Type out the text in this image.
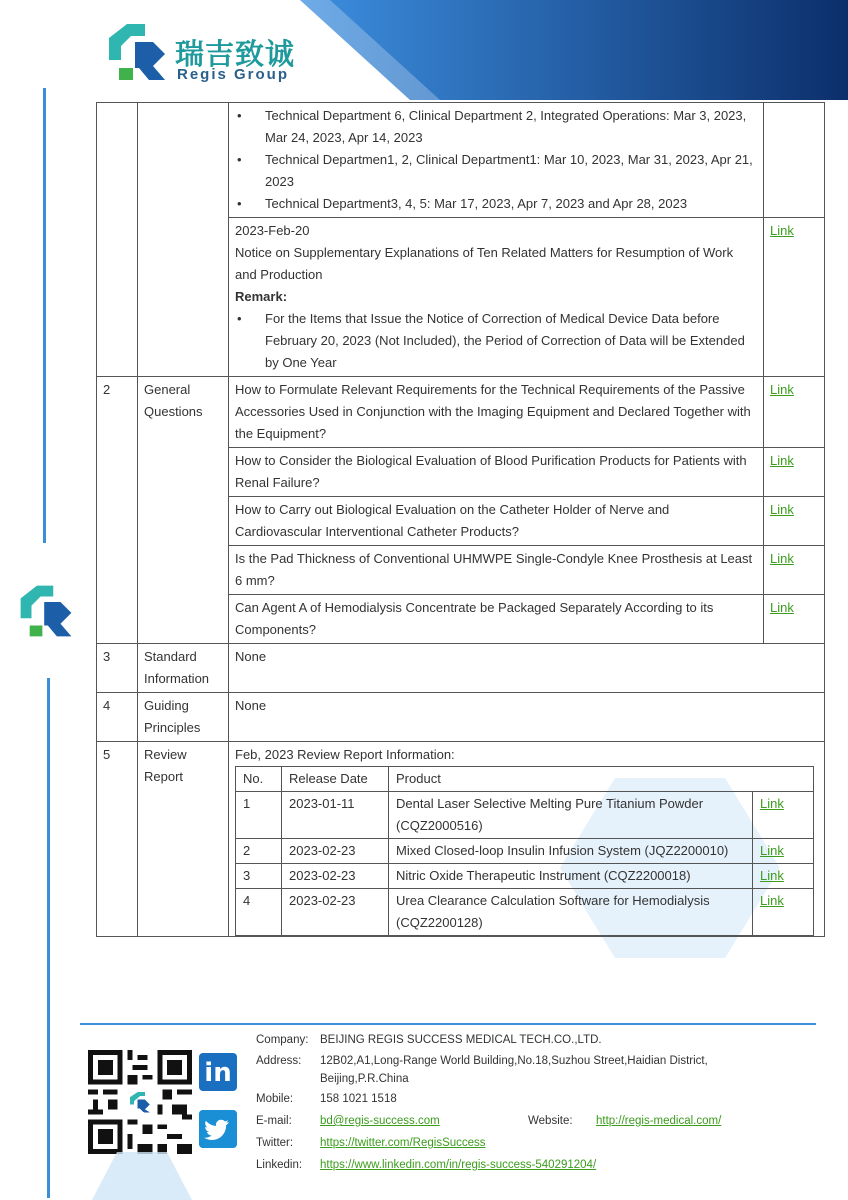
瑞吉致诚
Regis Group

• Technical Department 6, Clinical Department 2, Integrated Operations: Mar 3, 2023, Mar 24, 2023, Apr 14, 2023
• Technical Departmen1, 2, Clinical Department1: Mar 10, 2023, Mar 31, 2023, Apr 21, 2023
• Technical Department3, 4, 5: Mar 17, 2023, Apr 7, 2023 and Apr 28, 2023

2023-Feb-20
Notice on Supplementary Explanations of Ten Related Matters for Resumption of Work and Production
Remark:
• For the Items that Issue the Notice of Correction of Medical Device Data before February 20, 2023 (Not Included), the Period of Correction of Data will be Extended by One Year
	Link
2	General Questions	How to Formulate Relevant Requirements for the Technical Requirements of the Passive Accessories Used in Conjunction with the Imaging Equipment and Declared Together with the Equipment?	Link
How to Consider the Biological Evaluation of Blood Purification Products for Patients with Renal Failure?	Link
How to Carry out Biological Evaluation on the Catheter Holder of Nerve and Cardiovascular Interventional Catheter Products?	Link
Is the Pad Thickness of Conventional UHMWPE Single-Condyle Knee Prosthesis at Least 6 mm?	Link
Can Agent A of Hemodialysis Concentrate be Packaged Separately According to its Components?	Link
3	Standard Information	None
4	Guiding Principles	None
5	Review Report	
Feb, 2023 Review Report Information:
No.	Release Date	Product
1	2023-01-11	Dental Laser Selective Melting Pure Titanium Powder (CQZ2000516)	Link
2	2023-02-23	Mixed Closed-loop Insulin Infusion System (JQZ2200010)	Link
3	2023-02-23	Nitric Oxide Therapeutic Instrument (CQZ2200018)	Link
4	2023-02-23	Urea Clearance Calculation Software for Hemodialysis (CQZ2200128)	Link
in
Company: BEIJING REGIS SUCCESS MEDICAL TECH.CO.,LTD.
Address: 12B02,A1,Long-Range World Building,No.18,Suzhou Street,Haidian District,
Beijing,P.R.China
Mobile: 158 1021 1518
E-mail: bd@regis-success.com	Website: http://regis-medical.com/
Twitter: https://twitter.com/RegisSuccess
Linkedin: https://www.linkedin.com/in/regis-success-540291204/
